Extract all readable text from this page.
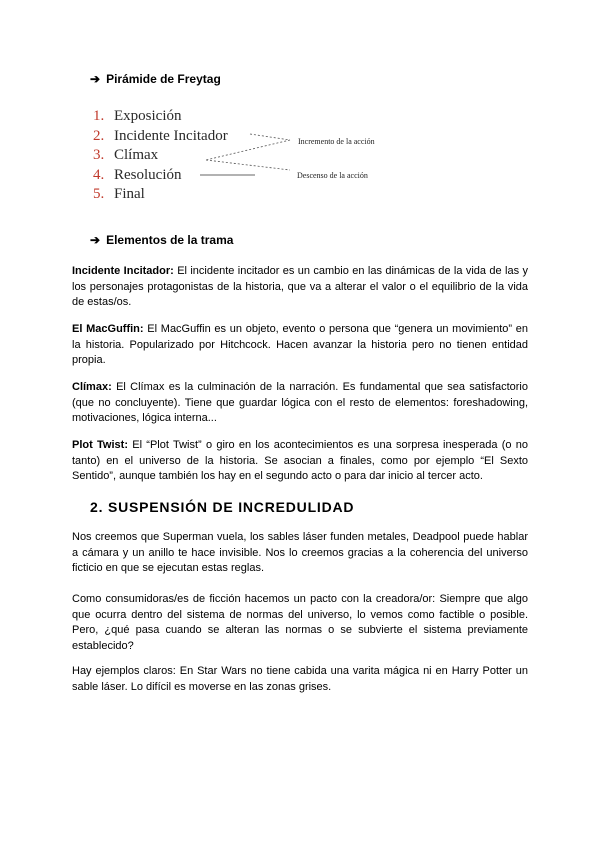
➔ Pirámide de Freytag
1. Exposición
2. Incidente Incitador
3. Clímax
4. Resolución
5. Final
Incremento de la acción
Descenso de la acción
➔ Elementos de la trama
Incidente Incitador: El incidente incitador es un cambio en las dinámicas de la vida de las y los personajes protagonistas de la historia, que va a alterar el valor o el equilibrio de la vida de estas/os.
El MacGuffin: El MacGuffin es un objeto, evento o persona que “genera un movimiento” en la historia. Popularizado por Hitchcock. Hacen avanzar la historia pero no tienen entidad propia.
Clímax: El Clímax es la culminación de la narración. Es fundamental que sea satisfactorio (que no concluyente). Tiene que guardar lógica con el resto de elementos: foreshadowing, motivaciones, lógica interna...
Plot Twist: El “Plot Twist” o giro en los acontecimientos es una sorpresa inesperada (o no tanto) en el universo de la historia. Se asocian a finales, como por ejemplo “El Sexto Sentido”, aunque también los hay en el segundo acto o para dar inicio al tercer acto.
2. SUSPENSIÓN DE INCREDULIDAD
Nos creemos que Superman vuela, los sables láser funden metales, Deadpool puede hablar a cámara y un anillo te hace invisible. Nos lo creemos gracias a la coherencia del universo ficticio en que se ejecutan estas reglas.
Como consumidoras/es de ficción hacemos un pacto con la creadora/or: Siempre que algo que ocurra dentro del sistema de normas del universo, lo vemos como factible o posible. Pero, ¿qué pasa cuando se alteran las normas o se subvierte el sistema previamente establecido?
Hay ejemplos claros: En Star Wars no tiene cabida una varita mágica ni en Harry Potter un sable láser. Lo difícil es moverse en las zonas grises.
